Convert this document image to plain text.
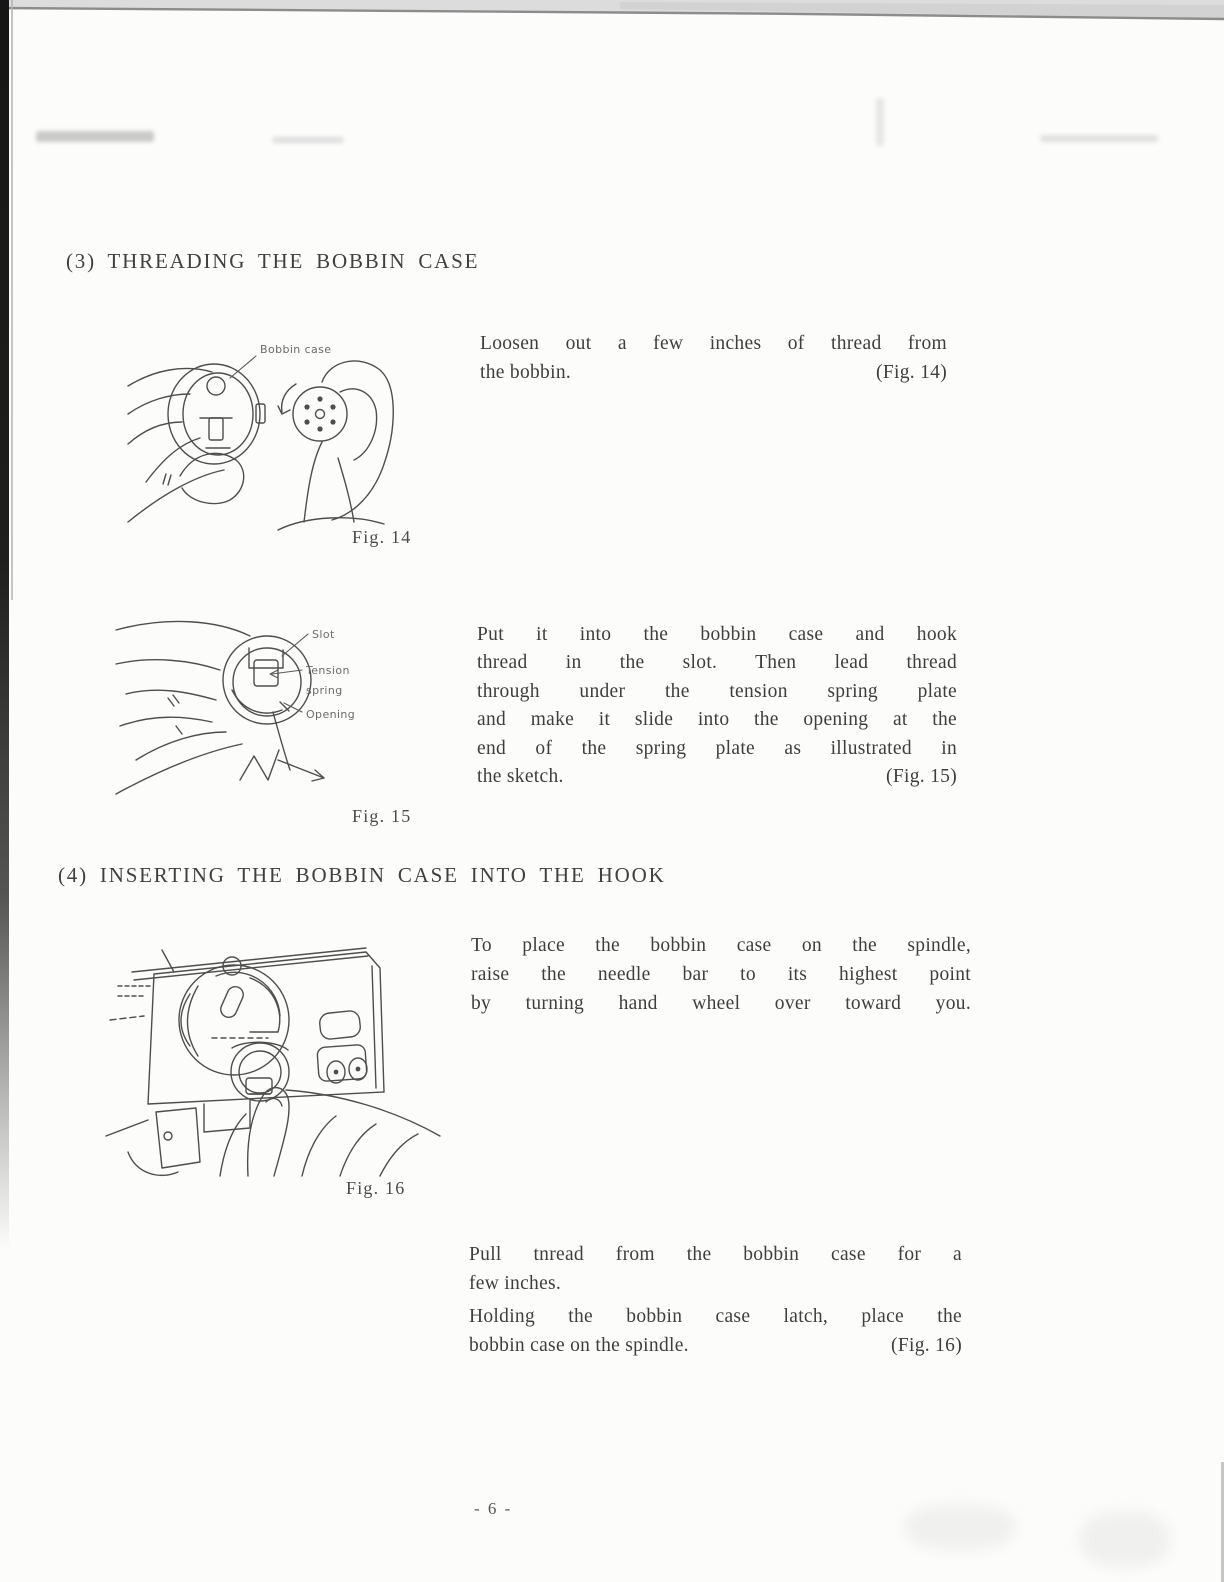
(3) THREADING THE BOBBIN CASE
Bobbin case	Loosen out a few inches of thread from
the bobbin.	(Fig. 14)
Fig. 14
Slot
Tension
spring
Opening
Put it into the bobbin case and hook
thread in the slot. Then lead thread
through under the tension spring plate
and make it slide into the opening at the
end of the spring plate as illustrated in
the sketch.	(Fig. 15)
Fig. 15
(4) INSERTING THE BOBBIN CASE INTO THE HOOK
To place the bobbin case on the spindle,
raise the needle bar to its highest point
by turning hand wheel over toward you.
Fig. 16
Pull tnread from the bobbin case for a
few inches.
Holding the bobbin case latch, place the
bobbin case on the spindle.	(Fig. 16)
- 6 -
